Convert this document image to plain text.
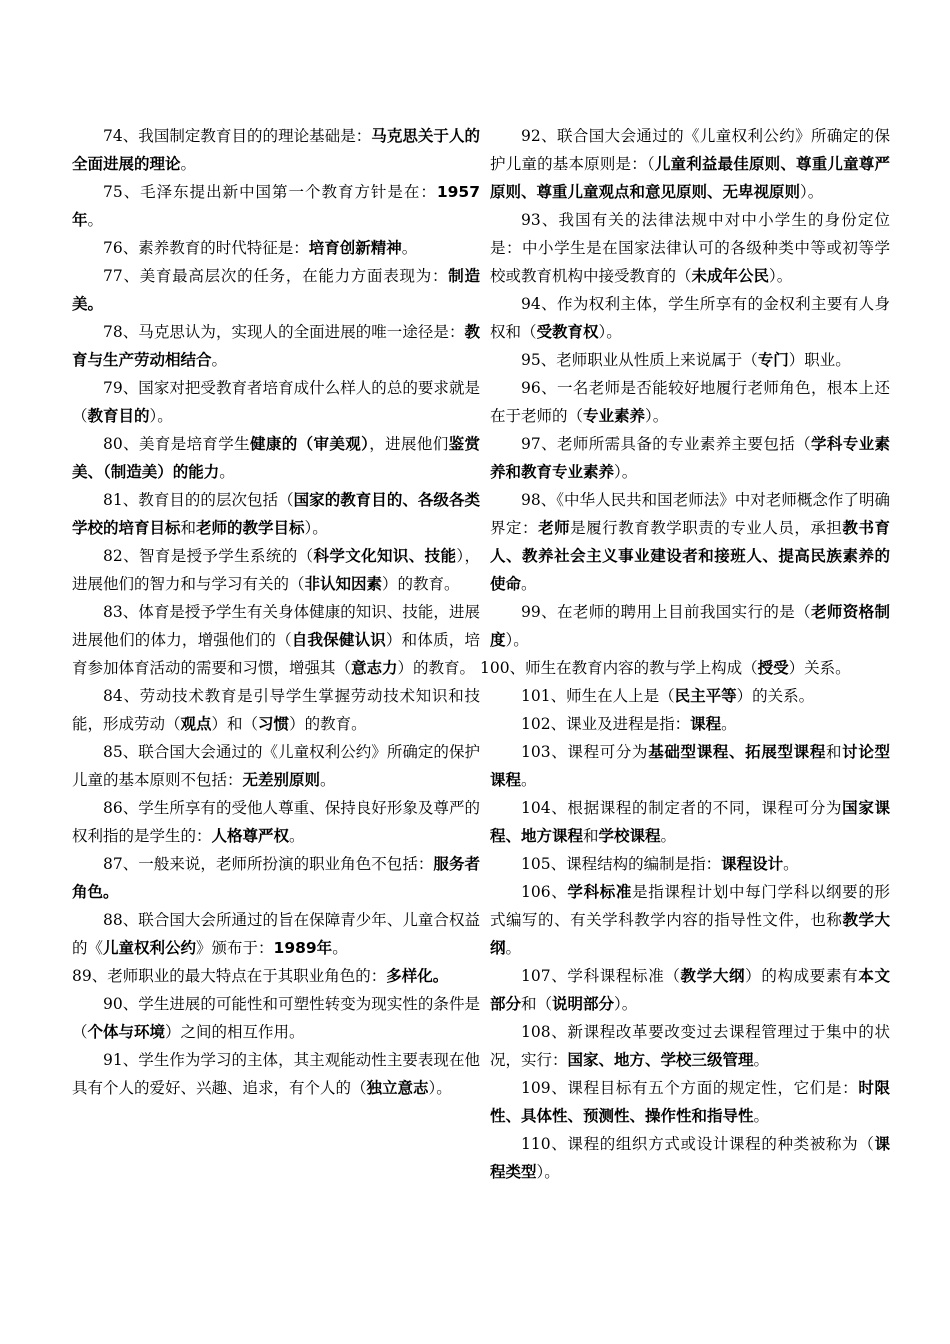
74、我国制定教育目的的理论基础是：马克思关于人的全面进展的理论。

75、毛泽东提出新中国第一个教育方针是在：1957年。

76、素养教育的时代特征是：培育创新精神。

77、美育最高层次的任务，在能力方面表现为：制造美。

78、马克思认为，实现人的全面进展的唯一途径是：教育与生产劳动相结合。

79、国家对把受教育者培育成什么样人的总的要求就是（教育目的）。

80、美育是培育学生健康的（审美观），进展他们鉴赏美、（制造美）的能力。

81、教育目的的层次包括（国家的教育目的、各级各类学校的培育目标和老师的教学目标）。

82、智育是授予学生系统的（科学文化知识、技能），进展他们的智力和与学习有关的（非认知因素）的教育。

83、体育是授予学生有关身体健康的知识、技能，进展进展他们的体力，增强他们的（自我保健认识）和体质，培育参加体育活动的需要和习惯，增强其（意志力）的教育。

84、劳动技术教育是引导学生掌握劳动技术知识和技能，形成劳动（观点）和（习惯）的教育。

85、联合国大会通过的《儿童权利公约》所确定的保护儿童的基本原则不包括：无差别原则。

86、学生所享有的受他人尊重、保持良好形象及尊严的权利指的是学生的：人格尊严权。

87、一般来说，老师所扮演的职业角色不包括：服务者角色。

88、联合国大会所通过的旨在保障青少年、儿童合权益的《儿童权利公约》颁布于：1989年。

89、老师职业的最大特点在于其职业角色的：多样化。

90、学生进展的可能性和可塑性转变为现实性的条件是（个体与环境）之间的相互作用。

91、学生作为学习的主体，其主观能动性主要表现在他具有个人的爱好、兴趣、追求，有个人的（独立意志）。

92、联合国大会通过的《儿童权利公约》所确定的保护儿童的基本原则是：（儿童利益最佳原则、尊重儿童尊严原则、尊重儿童观点和意见原则、无卑视原则）。

93、我国有关的法律法规中对中小学生的身份定位是：中小学生是在国家法律认可的各级种类中等或初等学校或教育机构中接受教育的（未成年公民）。

94、作为权利主体，学生所享有的金权利主要有人身权和（受教育权）。

95、老师职业从性质上来说属于（专门）职业。

96、一名老师是否能较好地履行老师角色，根本上还在于老师的（专业素养）。

97、老师所需具备的专业素养主要包括（学科专业素养和教育专业素养）。

98、《中华人民共和国老师法》中对老师概念作了明确界定：老师是履行教育教学职责的专业人员，承担教书育人、教养社会主义事业建设者和接班人、提高民族素养的使命。

99、在老师的聘用上目前我国实行的是（老师资格制度）。

100、师生在教育内容的教与学上构成（授受）关系。

101、师生在人上是（民主平等）的关系。

102、课业及进程是指：课程。

103、课程可分为基础型课程、拓展型课程和讨论型课程。

104、根据课程的制定者的不同，课程可分为国家课程、地方课程和学校课程。

105、课程结构的编制是指：课程设计。

106、学科标准是指课程计划中每门学科以纲要的形式编写的、有关学科教学内容的指导性文件，也称教学大纲。

107、学科课程标准（教学大纲）的构成要素有本文部分和（说明部分）。

108、新课程改革要改变过去课程管理过于集中的状况，实行：国家、地方、学校三级管理。

109、课程目标有五个方面的规定性，它们是：时限性、具体性、预测性、操作性和指导性。

110、课程的组织方式或设计课程的种类被称为（课程类型）。
